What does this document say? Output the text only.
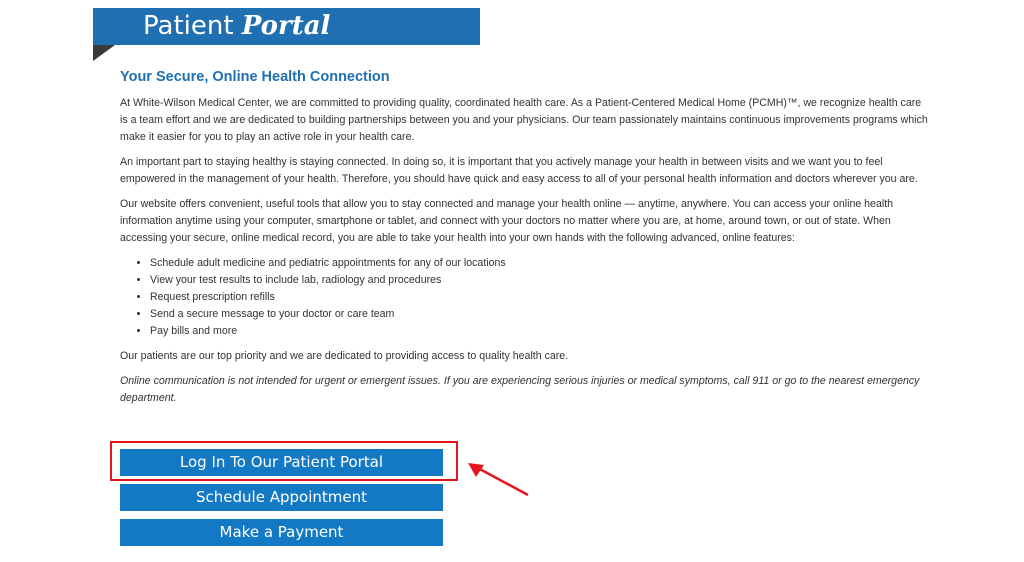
Patient Portal
Your Secure, Online Health Connection

At White-Wilson Medical Center, we are committed to providing quality, coordinated health care. As a Patient-Centered Medical Home (PCMH)™, we recognize health care is a team effort and we are dedicated to building partnerships between you and your physicians. Our team passionately maintains continuous improvements programs which make it easier for you to play an active role in your health care.

An important part to staying healthy is staying connected. In doing so, it is important that you actively manage your health in between visits and we want you to feel empowered in the management of your health. Therefore, you should have quick and easy access to all of your personal health information and doctors wherever you are.

Our website offers convenient, useful tools that allow you to stay connected and manage your health online — anytime, anywhere. You can access your online health information anytime using your computer, smartphone or tablet, and connect with your doctors no matter where you are, at home, around town, or out of state. When accessing your secure, online medical record, you are able to take your health into your own hands with the following advanced, online features:

• Schedule adult medicine and pediatric appointments for any of our locations
• View your test results to include lab, radiology and procedures
• Request prescription refills
• Send a secure message to your doctor or care team
• Pay bills and more

Our patients are our top priority and we are dedicated to providing access to quality health care.

Online communication is not intended for urgent or emergent issues. If you are experiencing serious injuries or medical symptoms, call 911 or go to the nearest emergency department.

Log In To Our Patient Portal
Schedule Appointment
Make a Payment
